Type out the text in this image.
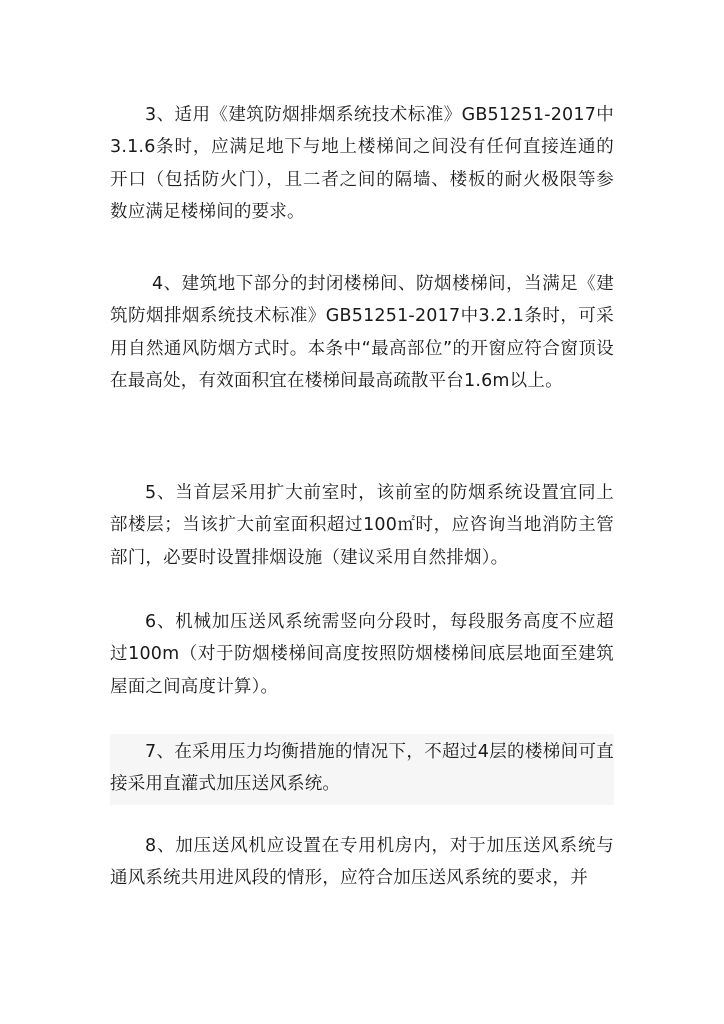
3、适用《建筑防烟排烟系统技术标准》GB51251-2017中3.1.6条时，应满足地下与地上楼梯间之间没有任何直接连通的开口（包括防火门），且二者之间的隔墙、楼板的耐火极限等参数应满足楼梯间的要求。

4、建筑地下部分的封闭楼梯间、防烟楼梯间，当满足《建筑防烟排烟系统技术标准》GB51251-2017中3.2.1条时，可采用自然通风防烟方式时。本条中“最高部位”的开窗应符合窗顶设在最高处，有效面积宜在楼梯间最高疏散平台1.6m以上。

5、当首层采用扩大前室时，该前室的防烟系统设置宜同上部楼层；当该扩大前室面积超过100㎡时，应咨询当地消防主管部门，必要时设置排烟设施（建议采用自然排烟）。

6、机械加压送风系统需竖向分段时，每段服务高度不应超过100m（对于防烟楼梯间高度按照防烟楼梯间底层地面至建筑屋面之间高度计算）。

7、在采用压力均衡措施的情况下，不超过4层的楼梯间可直接采用直灌式加压送风系统。

8、加压送风机应设置在专用机房内，对于加压送风系统与通风系统共用进风段的情形，应符合加压送风系统的要求，并
